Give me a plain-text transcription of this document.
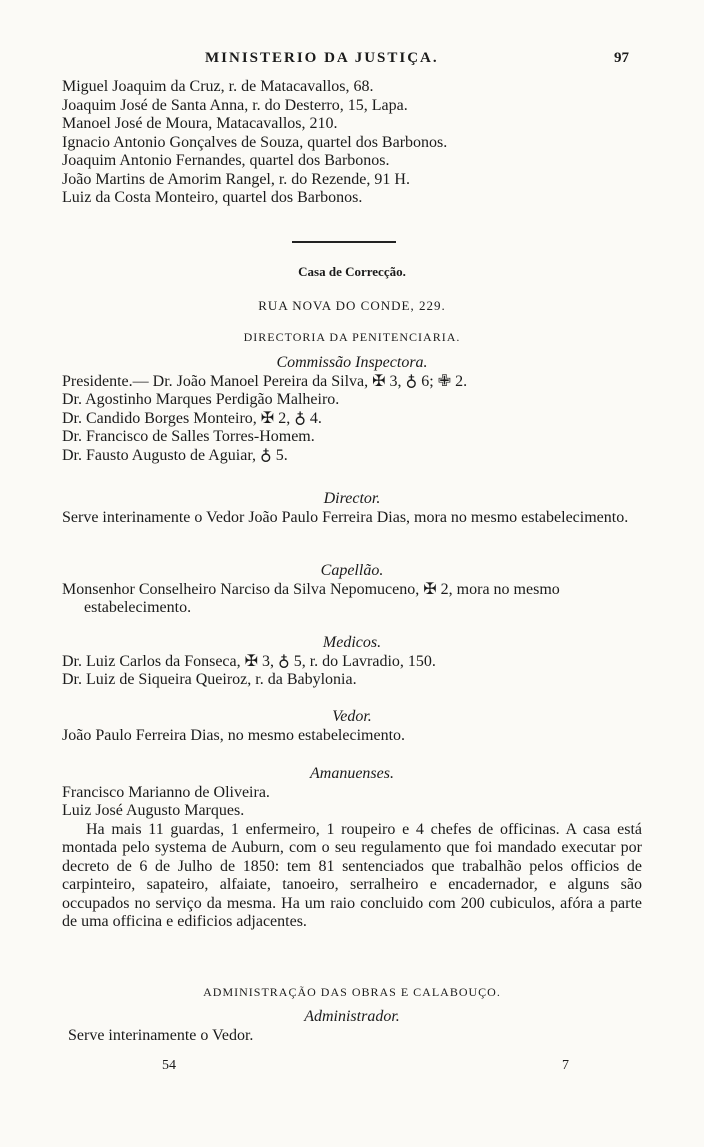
MINISTERIO DA JUSTIÇA.	97
Miguel Joaquim da Cruz, r. de Matacavallos, 68.
Joaquim José de Santa Anna, r. do Desterro, 15, Lapa.
Manoel José de Moura, Matacavallos, 210.
Ignacio Antonio Gonçalves de Souza, quartel dos Barbonos.
Joaquim Antonio Fernandes, quartel dos Barbonos.
João Martins de Amorim Rangel, r. do Rezende, 91 H.
Luiz da Costa Monteiro, quartel dos Barbonos.
Casa de Correcção.
RUA NOVA DO CONDE, 229.
DIRECTORIA DA PENITENCIARIA.
Commissão Inspectora.
Presidente.— Dr. João Manoel Pereira da Silva, ✠ 3, ♁ 6; ✙ 2.
Dr. Agostinho Marques Perdigão Malheiro.
Dr. Candido Borges Monteiro, ✠ 2, ♁ 4.
Dr. Francisco de Salles Torres-Homem.
Dr. Fausto Augusto de Aguiar, ♁ 5.
Director.
Serve interinamente o Vedor João Paulo Ferreira Dias, mora no mesmo estabelecimento.
Capellão.
Monsenhor Conselheiro Narciso da Silva Nepomuceno, ✠ 2, mora no mesmo estabelecimento.
Medicos.
Dr. Luiz Carlos da Fonseca, ✠ 3, ♁ 5, r. do Lavradio, 150.
Dr. Luiz de Siqueira Queiroz, r. da Babylonia.
Vedor.
João Paulo Ferreira Dias, no mesmo estabelecimento.
Amanuenses.
Francisco Marianno de Oliveira.
Luiz José Augusto Marques.
Ha mais 11 guardas, 1 enfermeiro, 1 roupeiro e 4 chefes de officinas. A casa está montada pelo systema de Auburn, com o seu regulamento que foi mandado executar por decreto de 6 de Julho de 1850: tem 81 sentenciados que trabalhão pelos officios de carpinteiro, sapateiro, alfaiate, tanoeiro, serralheiro e encadernador, e alguns são occupados no serviço da mesma. Ha um raio concluido com 200 cubiculos, afóra a parte de uma officina e edificios adjacentes.
ADMINISTRAÇÃO DAS OBRAS E CALABOUÇO.
Administrador.
Serve interinamente o Vedor.
54	7
